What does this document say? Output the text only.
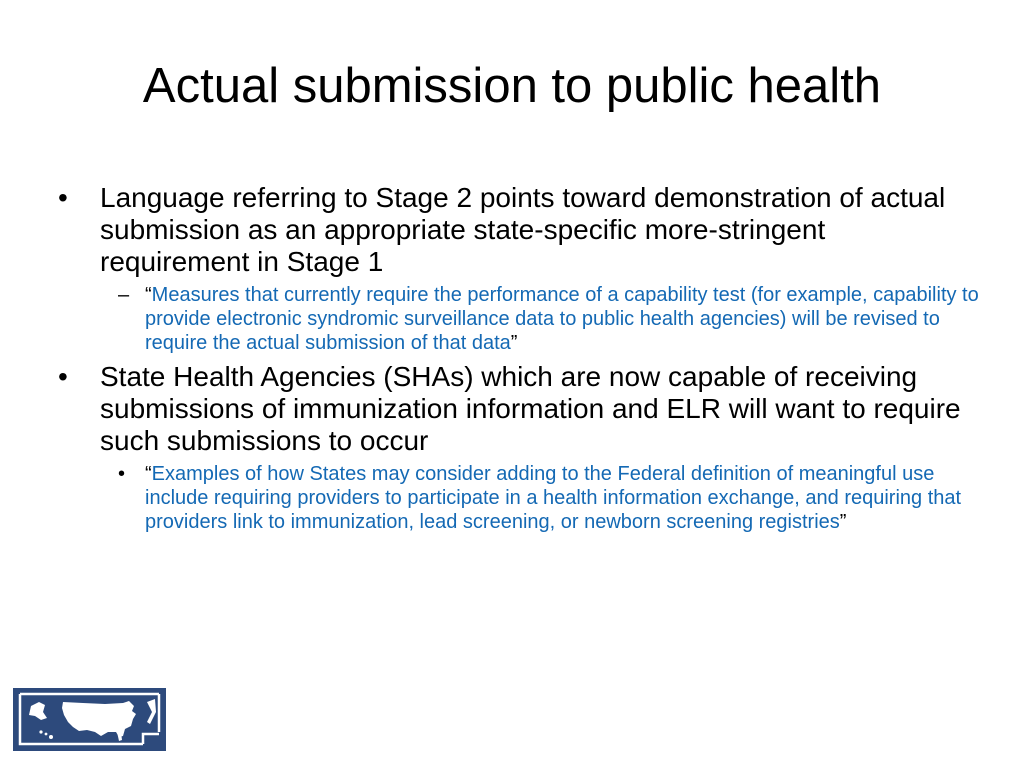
Actual submission to public health
• Language referring to Stage 2 points toward demonstration of actual submission as an appropriate state-specific more-stringent requirement in Stage 1
– “Measures that currently require the performance of a capability test (for example, capability to provide electronic syndromic surveillance data to public health agencies) will be revised to require the actual submission of that data”
• State Health Agencies (SHAs) which are now capable of receiving submissions of immunization information and ELR will want to require such submissions to occur
• “Examples of how States may consider adding to the Federal definition of meaningful use include requiring providers to participate in a health information exchange, and requiring that providers link to immunization, lead screening, or newborn screening registries”
